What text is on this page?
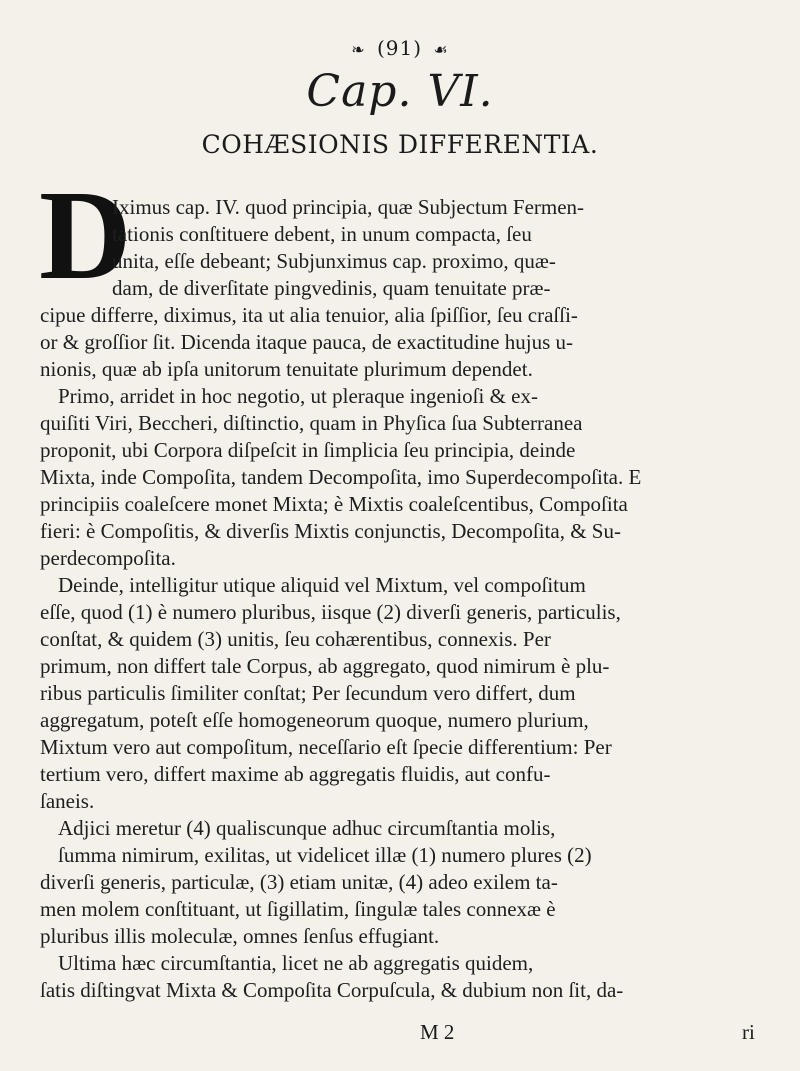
❧ (91) ☙
Cap. VI.
COHÆSIONIS DIFFERENTIA.
D
Iximus cap. IV. quod principia, quæ Subjectum Fermen-
tationis conſtituere debent, in unum compacta, ſeu
unita, eſſe debeant; Subjunximus cap. proximo, quæ-
dam, de diverſitate pingvedinis, quam tenuitate præ-
cipue differre, diximus, ita ut alia tenuior, alia ſpiſſior, ſeu craſſi-
or & groſſior ſit. Dicenda itaque pauca, de exactitudine hujus u-
nionis, quæ ab ipſa unitorum tenuitate plurimum dependet.
Primo, arridet in hoc negotio, ut pleraque ingenioſi & ex-
quiſiti Viri, Beccheri, diſtinctio, quam in Phyſica ſua Subterranea
proponit, ubi Corpora diſpeſcit in ſimplicia ſeu principia, deinde
Mixta, inde Compoſita, tandem Decompoſita, imo Superdecompoſita. E
principiis coaleſcere monet Mixta; è Mixtis coaleſcentibus, Compoſita
fieri: è Compoſitis, & diverſis Mixtis conjunctis, Decompoſita, & Su-
perdecompoſita.
Deinde, intelligitur utique aliquid vel Mixtum, vel compoſitum
eſſe, quod (1) è numero pluribus, iisque (2) diverſi generis, particulis,
conſtat, & quidem (3) unitis, ſeu cohærentibus, connexis. Per
primum, non differt tale Corpus, ab aggregato, quod nimirum è plu-
ribus particulis ſimiliter conſtat; Per ſecundum vero differt, dum
aggregatum, poteſt eſſe homogeneorum quoque, numero plurium,
Mixtum vero aut compoſitum, neceſſario eſt ſpecie differentium: Per
tertium vero, differt maxime ab aggregatis fluidis, aut confu-
ſaneis.
Adjici meretur (4) qualiscunque adhuc circumſtantia molis,
ſumma nimirum, exilitas, ut videlicet illæ (1) numero plures (2)
diverſi generis, particulæ, (3) etiam unitæ, (4) adeo exilem ta-
men molem conſtituant, ut ſigillatim, ſingulæ tales connexæ è
pluribus illis moleculæ, omnes ſenſus effugiant.
Ultima hæc circumſtantia, licet ne ab aggregatis quidem,
ſatis diſtingvat Mixta & Compoſita Corpuſcula, & dubium non ſit, da-
M 2	ri
